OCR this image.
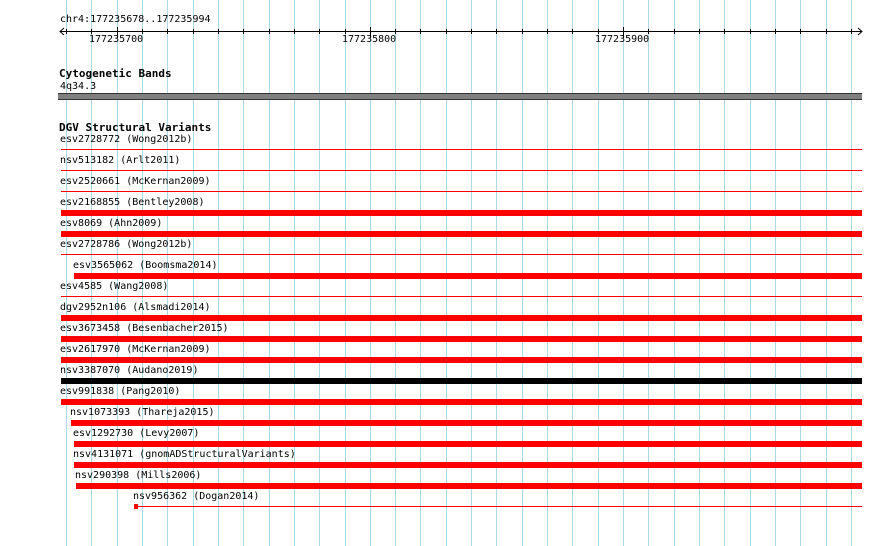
chr4:177235678..177235994
177235700	177235800	177235900
Cytogenetic Bands
4q34.3
DGV Structural Variants
esv2728772 (Wong2012b)
nsv513182 (Arlt2011)
esv2520661 (McKernan2009)
esv2168855 (Bentley2008)
esv8069 (Ahn2009)
esv2728786 (Wong2012b)
esv3565062 (Boomsma2014)
esv4585 (Wang2008)
dgv2952n106 (Alsmadi2014)
esv3673458 (Besenbacher2015)
esv2617970 (McKernan2009)
nsv3387070 (Audano2019)
esv991838 (Pang2010)
nsv1073393 (Thareja2015)
esv1292730 (Levy2007)
nsv4131071 (gnomADStructuralVariants)
nsv290398 (Mills2006)
nsv956362 (Dogan2014)
